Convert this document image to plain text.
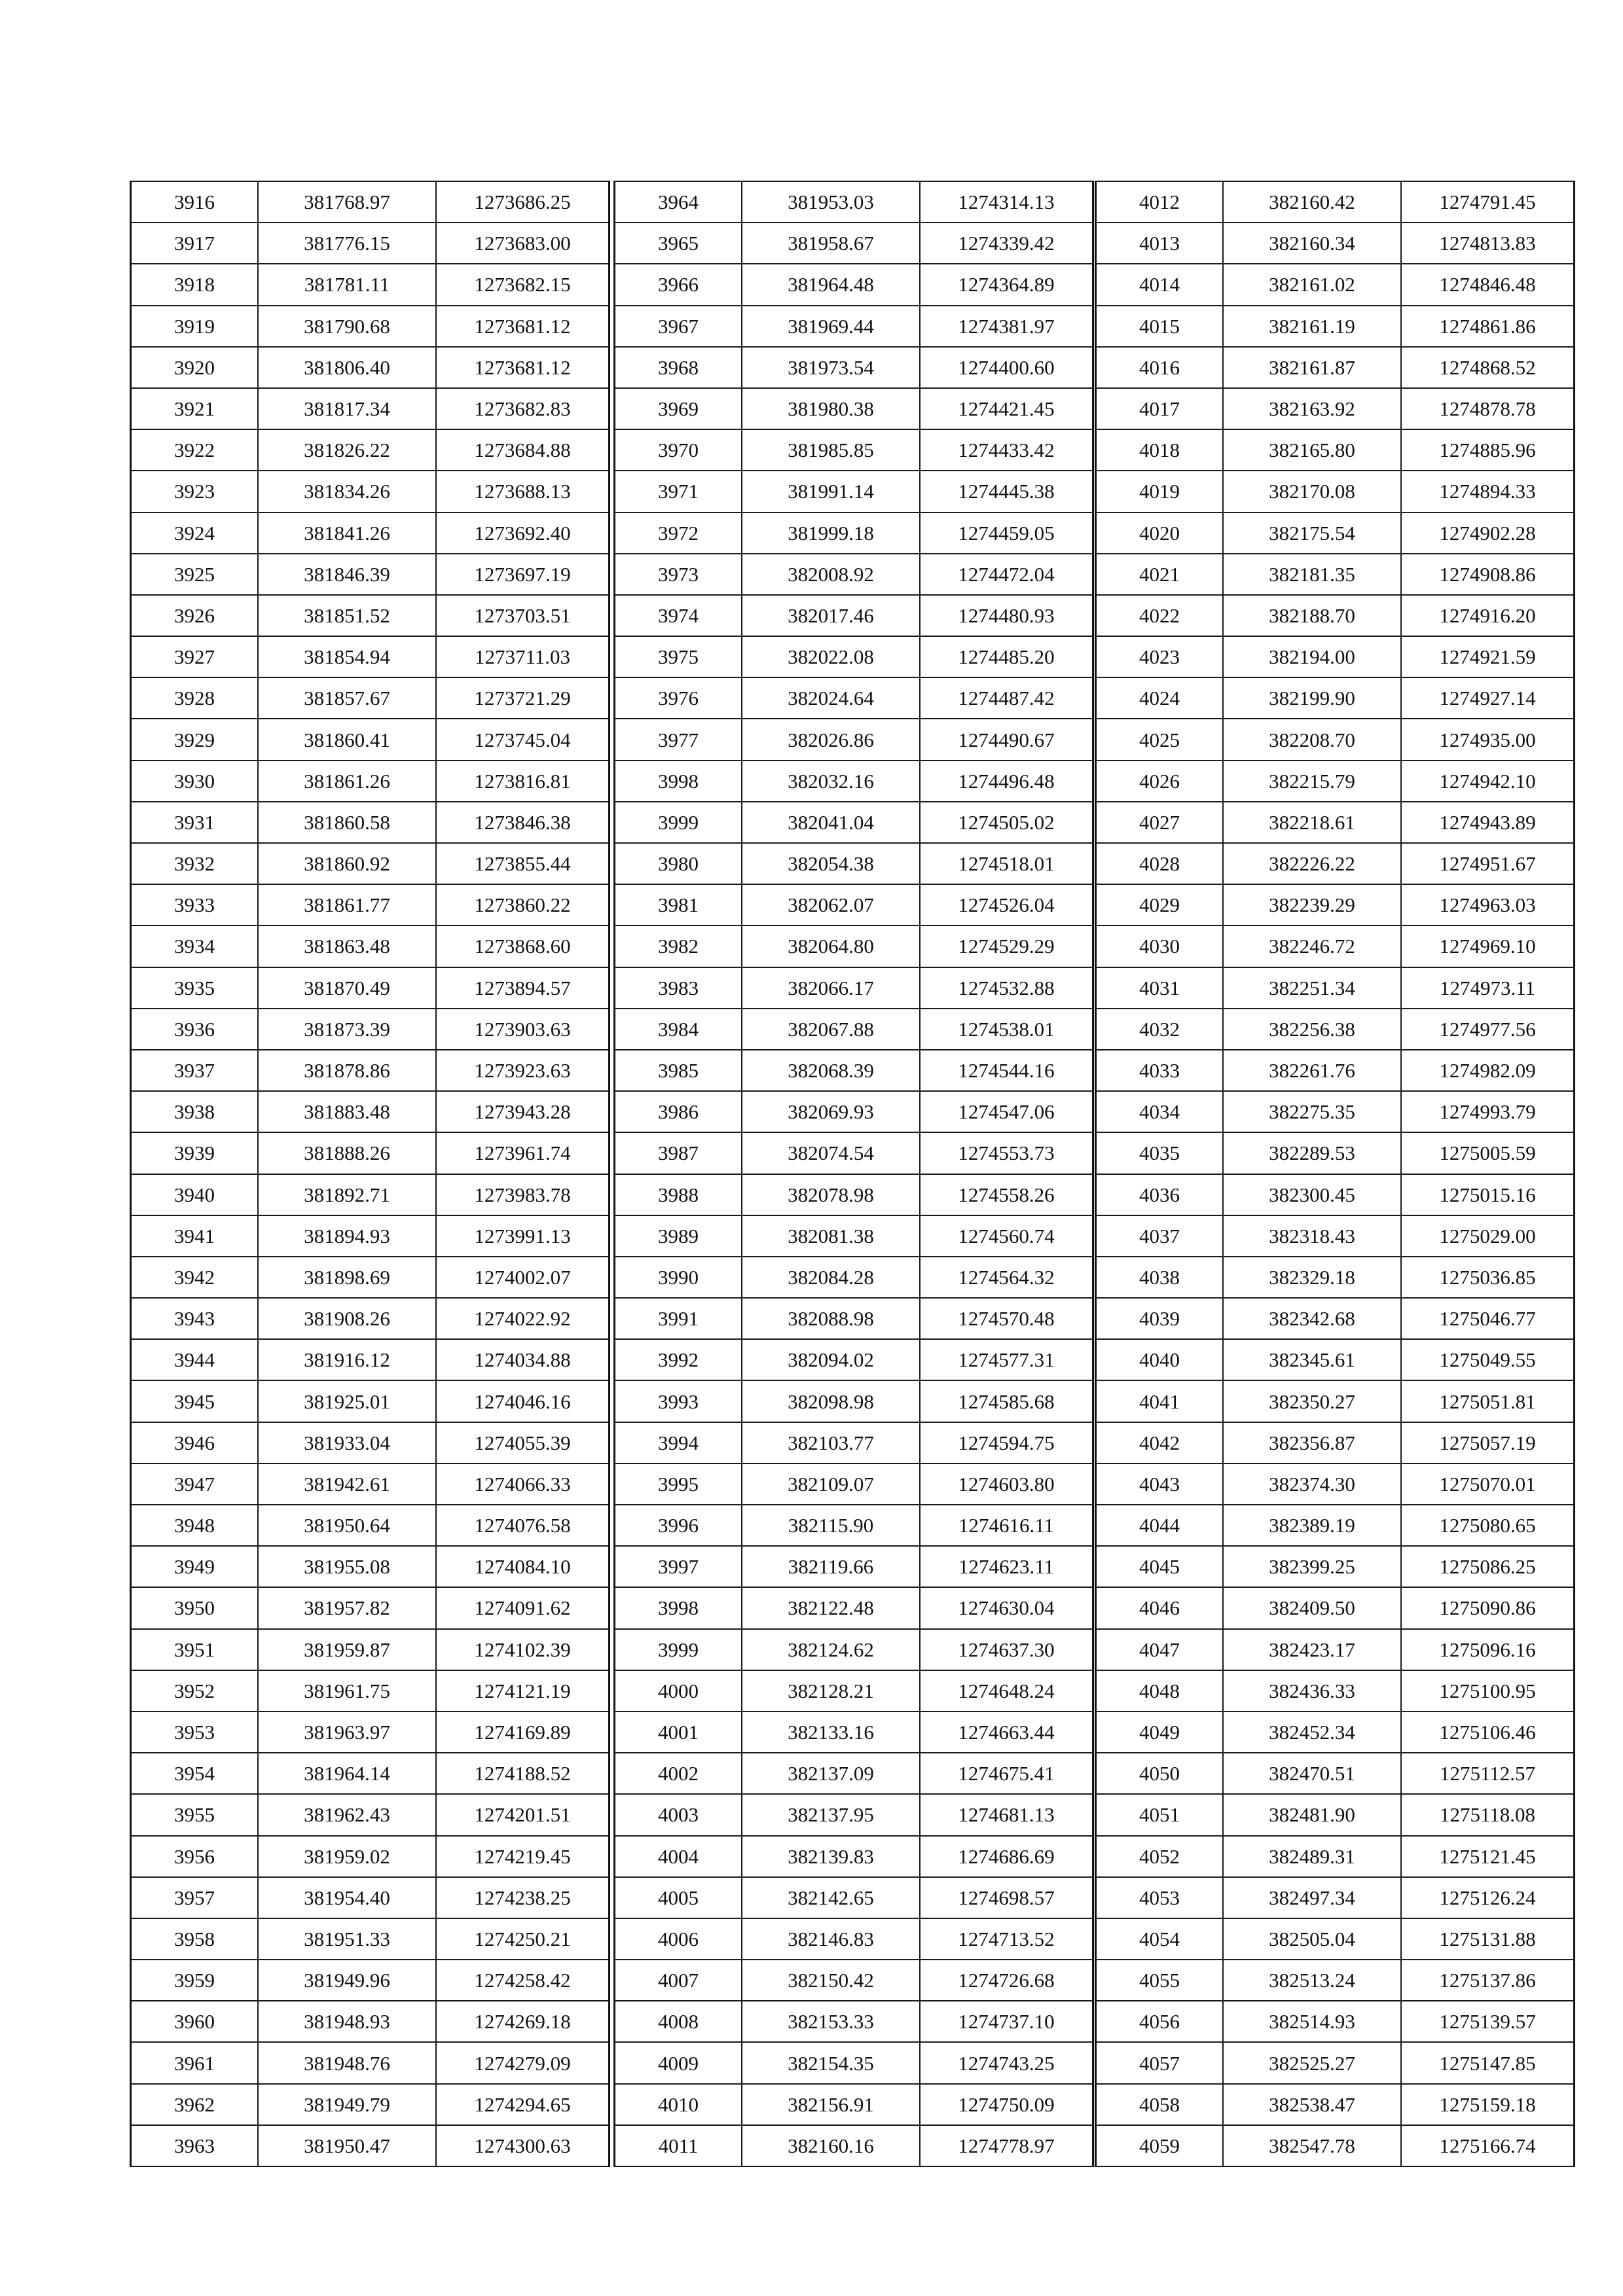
3916	381768.97	1273686.25
3917	381776.15	1273683.00
3918	381781.11	1273682.15
3919	381790.68	1273681.12
3920	381806.40	1273681.12
3921	381817.34	1273682.83
3922	381826.22	1273684.88
3923	381834.26	1273688.13
3924	381841.26	1273692.40
3925	381846.39	1273697.19
3926	381851.52	1273703.51
3927	381854.94	1273711.03
3928	381857.67	1273721.29
3929	381860.41	1273745.04
3930	381861.26	1273816.81
3931	381860.58	1273846.38
3932	381860.92	1273855.44
3933	381861.77	1273860.22
3934	381863.48	1273868.60
3935	381870.49	1273894.57
3936	381873.39	1273903.63
3937	381878.86	1273923.63
3938	381883.48	1273943.28
3939	381888.26	1273961.74
3940	381892.71	1273983.78
3941	381894.93	1273991.13
3942	381898.69	1274002.07
3943	381908.26	1274022.92
3944	381916.12	1274034.88
3945	381925.01	1274046.16
3946	381933.04	1274055.39
3947	381942.61	1274066.33
3948	381950.64	1274076.58
3949	381955.08	1274084.10
3950	381957.82	1274091.62
3951	381959.87	1274102.39
3952	381961.75	1274121.19
3953	381963.97	1274169.89
3954	381964.14	1274188.52
3955	381962.43	1274201.51
3956	381959.02	1274219.45
3957	381954.40	1274238.25
3958	381951.33	1274250.21
3959	381949.96	1274258.42
3960	381948.93	1274269.18
3961	381948.76	1274279.09
3962	381949.79	1274294.65
3963	381950.47	1274300.63
3964	381953.03	1274314.13
3965	381958.67	1274339.42
3966	381964.48	1274364.89
3967	381969.44	1274381.97
3968	381973.54	1274400.60
3969	381980.38	1274421.45
3970	381985.85	1274433.42
3971	381991.14	1274445.38
3972	381999.18	1274459.05
3973	382008.92	1274472.04
3974	382017.46	1274480.93
3975	382022.08	1274485.20
3976	382024.64	1274487.42
3977	382026.86	1274490.67
3998	382032.16	1274496.48
3999	382041.04	1274505.02
3980	382054.38	1274518.01
3981	382062.07	1274526.04
3982	382064.80	1274529.29
3983	382066.17	1274532.88
3984	382067.88	1274538.01
3985	382068.39	1274544.16
3986	382069.93	1274547.06
3987	382074.54	1274553.73
3988	382078.98	1274558.26
3989	382081.38	1274560.74
3990	382084.28	1274564.32
3991	382088.98	1274570.48
3992	382094.02	1274577.31
3993	382098.98	1274585.68
3994	382103.77	1274594.75
3995	382109.07	1274603.80
3996	382115.90	1274616.11
3997	382119.66	1274623.11
3998	382122.48	1274630.04
3999	382124.62	1274637.30
4000	382128.21	1274648.24
4001	382133.16	1274663.44
4002	382137.09	1274675.41
4003	382137.95	1274681.13
4004	382139.83	1274686.69
4005	382142.65	1274698.57
4006	382146.83	1274713.52
4007	382150.42	1274726.68
4008	382153.33	1274737.10
4009	382154.35	1274743.25
4010	382156.91	1274750.09
4011	382160.16	1274778.97
4012	382160.42	1274791.45
4013	382160.34	1274813.83
4014	382161.02	1274846.48
4015	382161.19	1274861.86
4016	382161.87	1274868.52
4017	382163.92	1274878.78
4018	382165.80	1274885.96
4019	382170.08	1274894.33
4020	382175.54	1274902.28
4021	382181.35	1274908.86
4022	382188.70	1274916.20
4023	382194.00	1274921.59
4024	382199.90	1274927.14
4025	382208.70	1274935.00
4026	382215.79	1274942.10
4027	382218.61	1274943.89
4028	382226.22	1274951.67
4029	382239.29	1274963.03
4030	382246.72	1274969.10
4031	382251.34	1274973.11
4032	382256.38	1274977.56
4033	382261.76	1274982.09
4034	382275.35	1274993.79
4035	382289.53	1275005.59
4036	382300.45	1275015.16
4037	382318.43	1275029.00
4038	382329.18	1275036.85
4039	382342.68	1275046.77
4040	382345.61	1275049.55
4041	382350.27	1275051.81
4042	382356.87	1275057.19
4043	382374.30	1275070.01
4044	382389.19	1275080.65
4045	382399.25	1275086.25
4046	382409.50	1275090.86
4047	382423.17	1275096.16
4048	382436.33	1275100.95
4049	382452.34	1275106.46
4050	382470.51	1275112.57
4051	382481.90	1275118.08
4052	382489.31	1275121.45
4053	382497.34	1275126.24
4054	382505.04	1275131.88
4055	382513.24	1275137.86
4056	382514.93	1275139.57
4057	382525.27	1275147.85
4058	382538.47	1275159.18
4059	382547.78	1275166.74
